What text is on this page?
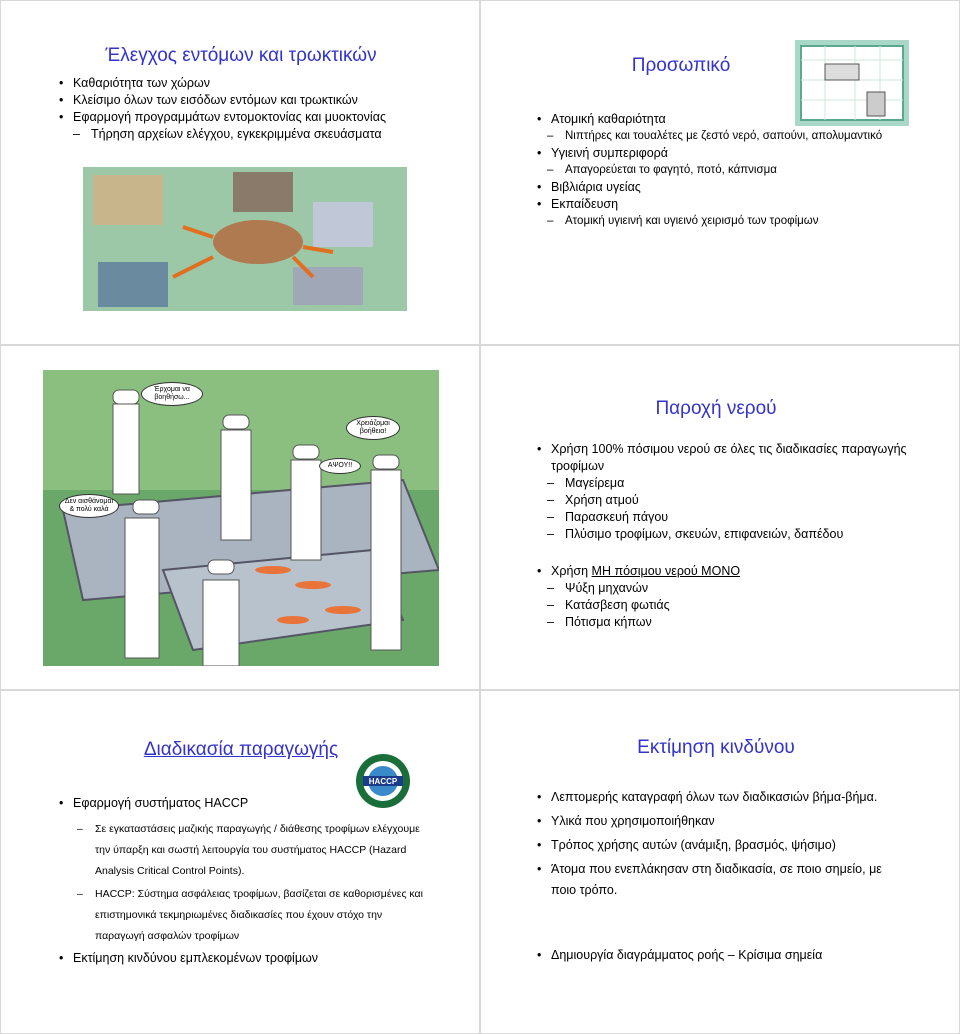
Έλεγχος εντόμων και τρωκτικών
• Καθαριότητα των χώρων
• Κλείσιμο όλων των εισόδων εντόμων και τρωκτικών
• Εφαρμογή προγραμμάτων εντομοκτονίας και μυοκτονίας
– Τήρηση αρχείων ελέγχου, εγκεκριμμένα σκευάσματα
Προσωπικό
• Ατομική καθαριότητα
– Νιπτήρες και τουαλέτες με ζεστό νερό, σαπούνι, απολυμαντικό
• Υγιεινή συμπεριφορά
– Απαγορεύεται το φαγητό, ποτό, κάπνισμα
• Βιβλιάρια υγείας
• Εκπαίδευση
– Ατομική υγιεινή και υγιεινό χειρισμό των τροφίμων
Έρχομαι να βοηθήσω...
Χρειάζομαι βοήθεια!
ΑΨΟΥ!!
Δεν αισθάνομαι & πολύ καλά
Παροχή νερού
• Χρήση 100% πόσιμου νερού σε όλες τις διαδικασίες παραγωγής τροφίμων
– Μαγείρεμα
– Χρήση ατμού
– Παρασκευή πάγου
– Πλύσιμο τροφίμων, σκευών, επιφανειών, δαπέδου
• Χρήση ΜΗ πόσιμου νερού ΜΟΝΟ
– Ψύξη μηχανών
– Κατάσβεση φωτιάς
– Πότισμα κήπων
Διαδικασία παραγωγής
HACCP
• Εφαρμογή συστήματος HACCP
– Σε εγκαταστάσεις μαζικής παραγωγής / διάθεσης τροφίμων ελέγχουμε την ύπαρξη και σωστή λειτουργία του συστήματος HACCP (Hazard Analysis Critical Control Points).
– HACCP: Σύστημα ασφάλειας τροφίμων, βασίζεται σε καθορισμένες και επιστημονικά τεκμηριωμένες διαδικασίες που έχουν στόχο την παραγωγή ασφαλών τροφίμων
• Εκτίμηση κινδύνου εμπλεκομένων τροφίμων
Εκτίμηση κινδύνου
• Λεπτομερής καταγραφή όλων των διαδικασιών βήμα-βήμα.
• Υλικά που χρησιμοποιήθηκαν
• Τρόπος χρήσης αυτών (ανάμιξη, βρασμός, ψήσιμο)
• Άτομα που ενεπλάκησαν στη διαδικασία, σε ποιο σημείο, με ποιο τρόπο.
• Δημιουργία διαγράμματος ροής – Κρίσιμα σημεία
